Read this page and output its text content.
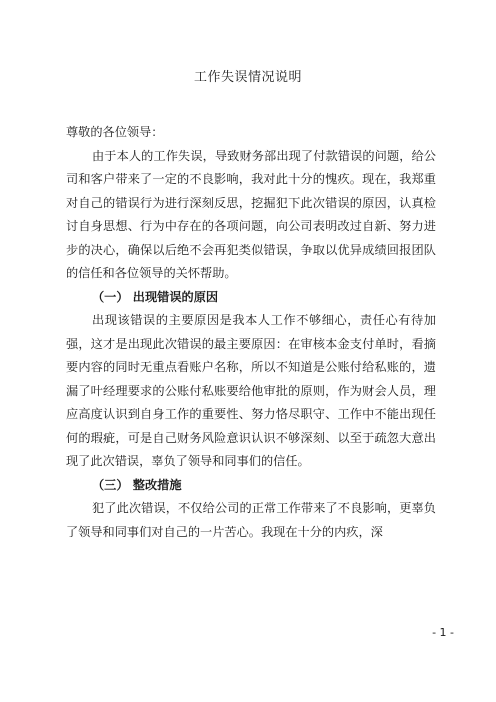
工作失误情况说明

尊敬的各位领导：

由于本人的工作失误，导致财务部出现了付款错误的问题，给公司和客户带来了一定的不良影响，我对此十分的愧疚。现在，我郑重对自己的错误行为进行深刻反思，挖掘犯下此次错误的原因，认真检讨自身思想、行为中存在的各项问题，向公司表明改过自新、努力进步的决心，确保以后绝不会再犯类似错误，争取以优异成绩回报团队的信任和各位领导的关怀帮助。

（一） 出现错误的原因

出现该错误的主要原因是我本人工作不够细心，责任心有待加强，这才是出现此次错误的最主要原因：在审核本金支付单时，看摘要内容的同时无重点看账户名称，所以不知道是公账付给私账的，遗漏了叶经理要求的公账付私账要给他审批的原则，作为财会人员，理应高度认识到自身工作的重要性、努力恪尽职守、工作中不能出现任何的瑕疵，可是自己财务风险意识认识不够深刻、以至于疏忽大意出现了此次错误，辜负了领导和同事们的信任。

（三） 整改措施

犯了此次错误，不仅给公司的正常工作带来了不良影响，更辜负了领导和同事们对自己的一片苦心。我现在十分的内疚，深

- 1 -
